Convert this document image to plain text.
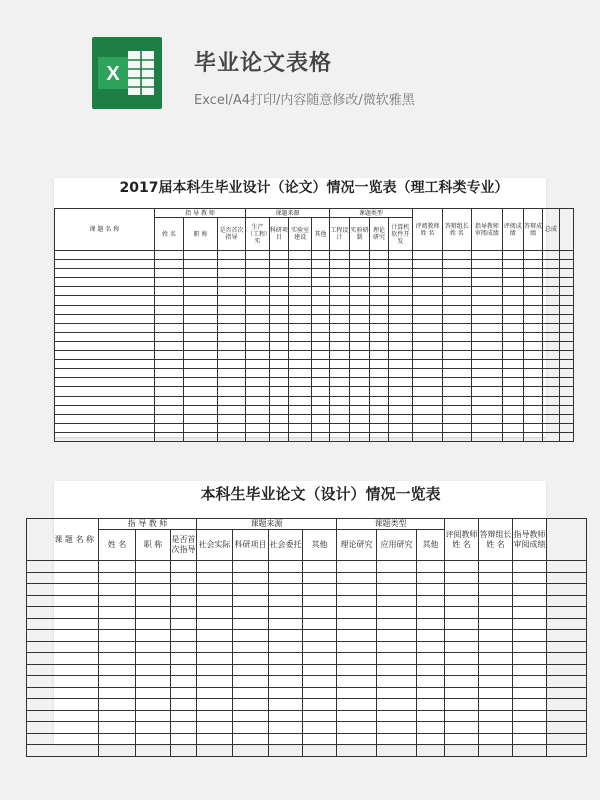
X	毕业论文表格
Excel/A4打印/内容随意修改/微软雅黑
2017届本科生毕业设计（论文）情况一览表（理工科类专业）																		

课 题 名 称	指 导 教 师			课题来源				课题类型				评阅教师姓 名	答辩组长姓 名	指导教师审阅成绩	评阅成绩	答辩成绩	总成	
	姓 名	职 称	是否首次指导	生产（工程）实	科研项目	实验室建设	其他	工程设计	实验研制	理论研究	计算机软件开发							

本科生毕业论文（设计）情况一览表														

课 题 名 称	指 导 教 师			课题来源				课题类型			评阅教师姓 名	答辩组长姓 名	指导教师审阅成绩	
	姓 名	职 称	是否首次指导	社会实际	科研项目	社会委托	其他	理论研究	应用研究	其他				
